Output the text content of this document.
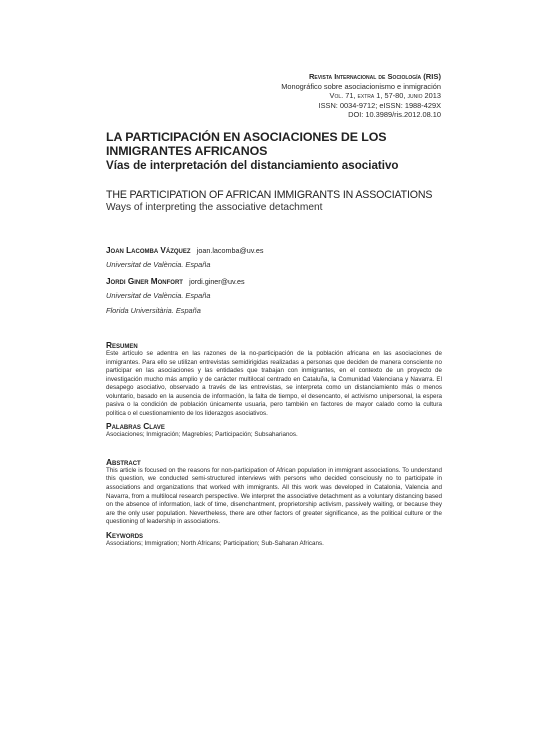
Revista Internacional de Sociología (RIS)
Monográfico sobre asociacionismo e inmigración
Vol. 71, extra 1, 57-80, junio 2013
ISSN: 0034-9712; eISSN: 1988-429X
DOI: 10.3989/ris.2012.08.10
LA PARTICIPACIÓN EN ASOCIACIONES DE LOS INMIGRANTES AFRICANOS
Vías de interpretación del distanciamiento asociativo
THE PARTICIPATION OF AFRICAN IMMIGRANTS IN ASSOCIATIONS
Ways of interpreting the associative detachment
Joan Lacomba Vázquez joan.lacomba@uv.es
Universitat de València. España
Jordi Giner Monfort jordi.giner@uv.es
Universitat de València. España
Florida Universitària. España
Resumen
Este artículo se adentra en las razones de la no-participación de la población africana en las asociaciones de inmigrantes. Para ello se utilizan entrevistas semidirigidas realizadas a personas que deciden de manera consciente no participar en las asociaciones y las entidades que trabajan con inmigrantes, en el contexto de un proyecto de investigación mucho más amplio y de carácter multilocal centrado en Cataluña, la Comunidad Valenciana y Navarra. El desapego asociativo, observado a través de las entrevistas, se interpreta como un distanciamiento más o menos voluntario, basado en la ausencia de información, la falta de tiempo, el desencanto, el activismo unipersonal, la espera pasiva o la condición de población únicamente usuaria, pero también en factores de mayor calado como la cultura política o el cuestionamiento de los liderazgos asociativos.
Palabras Clave
Asociaciones; Inmigración; Magrebíes; Participación; Subsaharianos.
Abstract
This article is focused on the reasons for non-participation of African population in immigrant associations. To understand this question, we conducted semi-structured interviews with persons who decided consciously no to participate in associations and organizations that worked with immigrants. All this work was developed in Catalonia, Valencia and Navarra, from a multilocal research perspective. We interpret the associative detachment as a voluntary distancing based on the absence of information, lack of time, disenchantment, proprietorship activism, passively waiting, or because they are the only user population. Nevertheless, there are other factors of greater significance, as the political culture or the questioning of leadership in associations.
Keywords
Associations; Immigration; North Africans; Participation; Sub-Saharan Africans.
